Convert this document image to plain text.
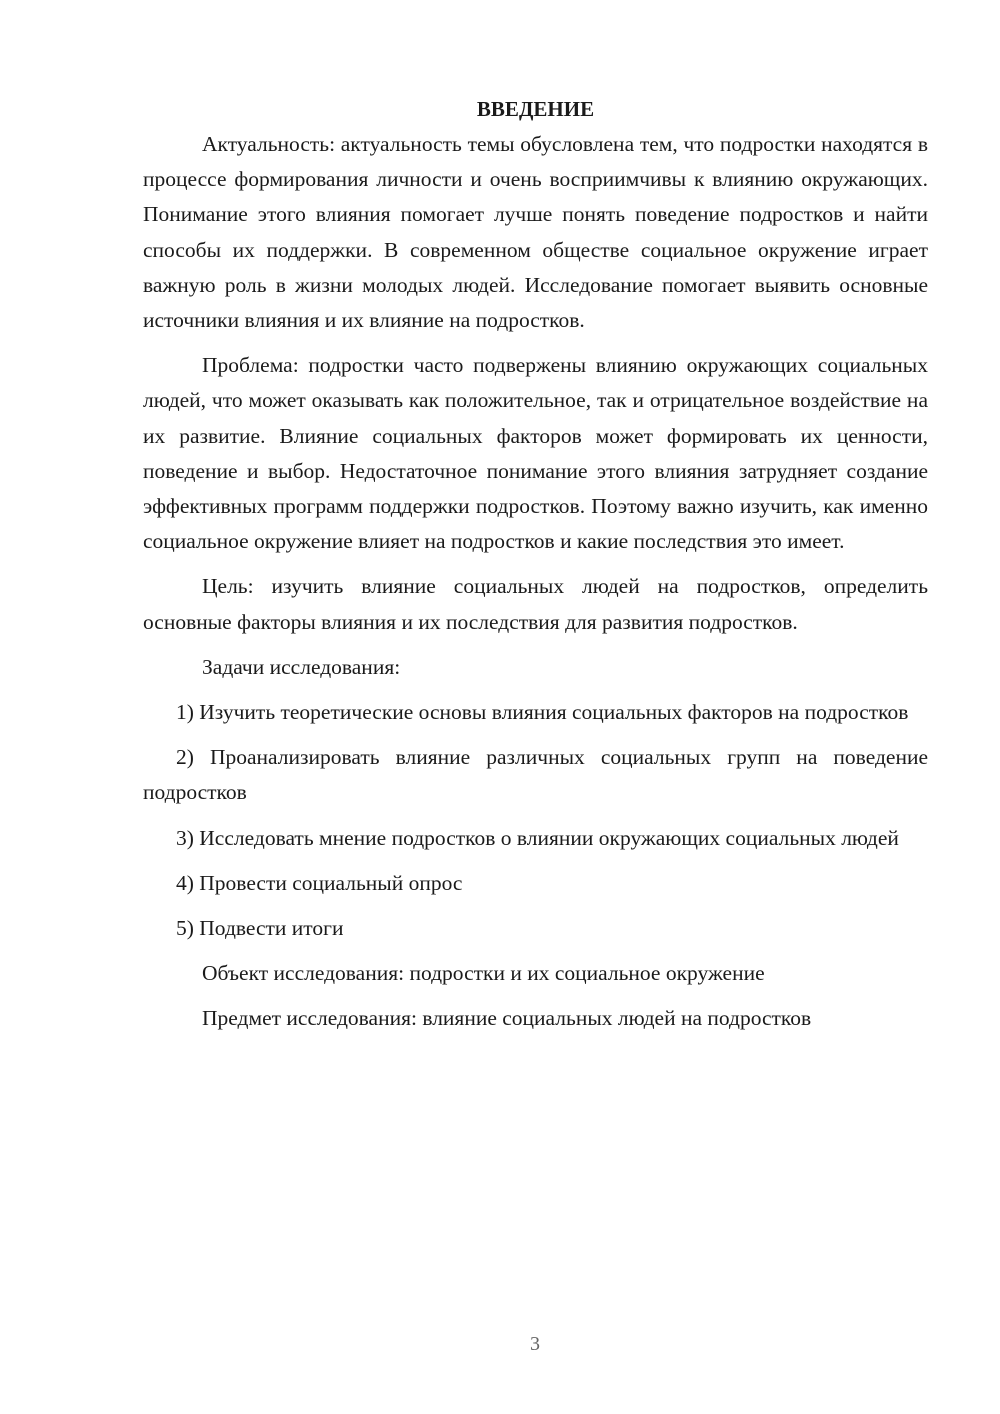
ВВЕДЕНИЕ

Актуальность: актуальность темы обусловлена тем, что подростки находятся в процессе формирования личности и очень восприимчивы к влиянию окружающих. Понимание этого влияния помогает лучше понять поведение подростков и найти способы их поддержки. В современном обществе социальное окружение играет важную роль в жизни молодых людей. Исследование помогает выявить основные источники влияния и их влияние на подростков.

Проблема: подростки часто подвержены влиянию окружающих социальных людей, что может оказывать как положительное, так и отрицательное воздействие на их развитие. Влияние социальных факторов может формировать их ценности, поведение и выбор. Недостаточное понимание этого влияния затрудняет создание эффективных программ поддержки подростков. Поэтому важно изучить, как именно социальное окружение влияет на подростков и какие последствия это имеет.

Цель: изучить влияние социальных людей на подростков, определить основные факторы влияния и их последствия для развития подростков.

Задачи исследования:

1) Изучить теоретические основы влияния социальных факторов на подростков

2) Проанализировать влияние различных социальных групп на поведение подростков

3) Исследовать мнение подростков о влиянии окружающих социальных людей

4) Провести социальный опрос

5) Подвести итоги

Объект исследования: подростки и их социальное окружение

Предмет исследования: влияние социальных людей на подростков

3
